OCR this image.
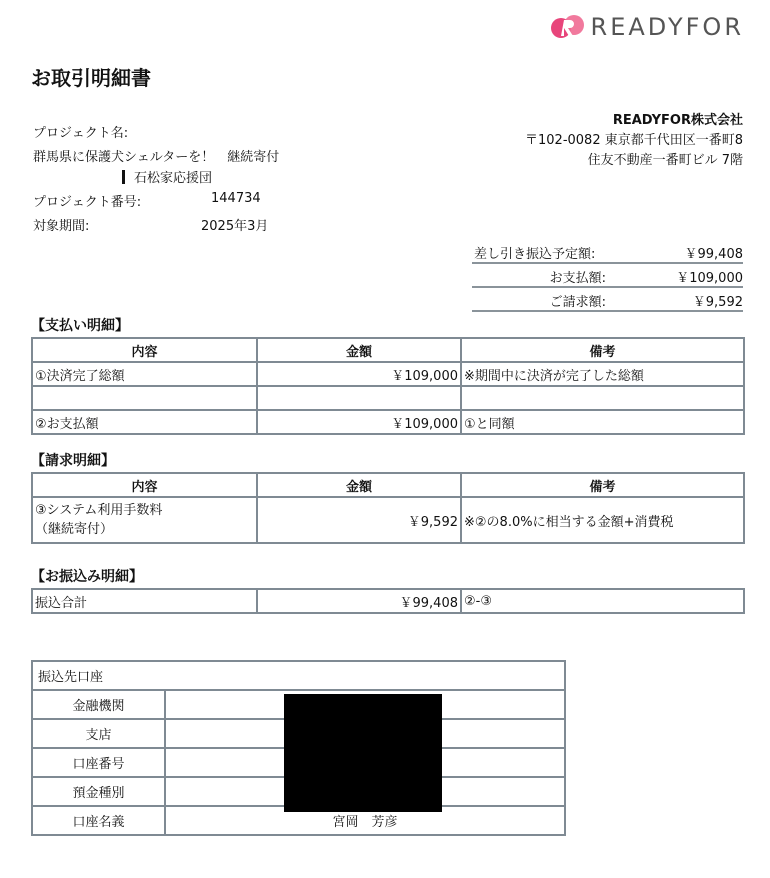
READYFOR
お取引明細書
プロジェクト名:
群馬県に保護犬シェルターを！　継続寄付
石松家応援団
プロジェクト番号:	144734
対象期間:	2025年3月
READYFOR株式会社
〒102-0082 東京都千代田区一番町8
住友不動産一番町ビル 7階
差し引き振込予定額:	￥99,408
お支払額:	￥109,000
ご請求額:	￥9,592
【支払い明細】
内容	金額	備考
①決済完了総額	￥109,000	※期間中に決済が完了した総額

②お支払額	￥109,000	①と同額
【請求明細】
内容	金額	備考

③システム利用手数料
（継続寄付）	￥9,592	※②の8.0%に相当する金額+消費税
【お振込み明細】
振込合計	￥99,408	②-③
振込先口座	
金融機関	
支店	
口座番号	
預金種別	
口座名義	宮岡　芳彦
